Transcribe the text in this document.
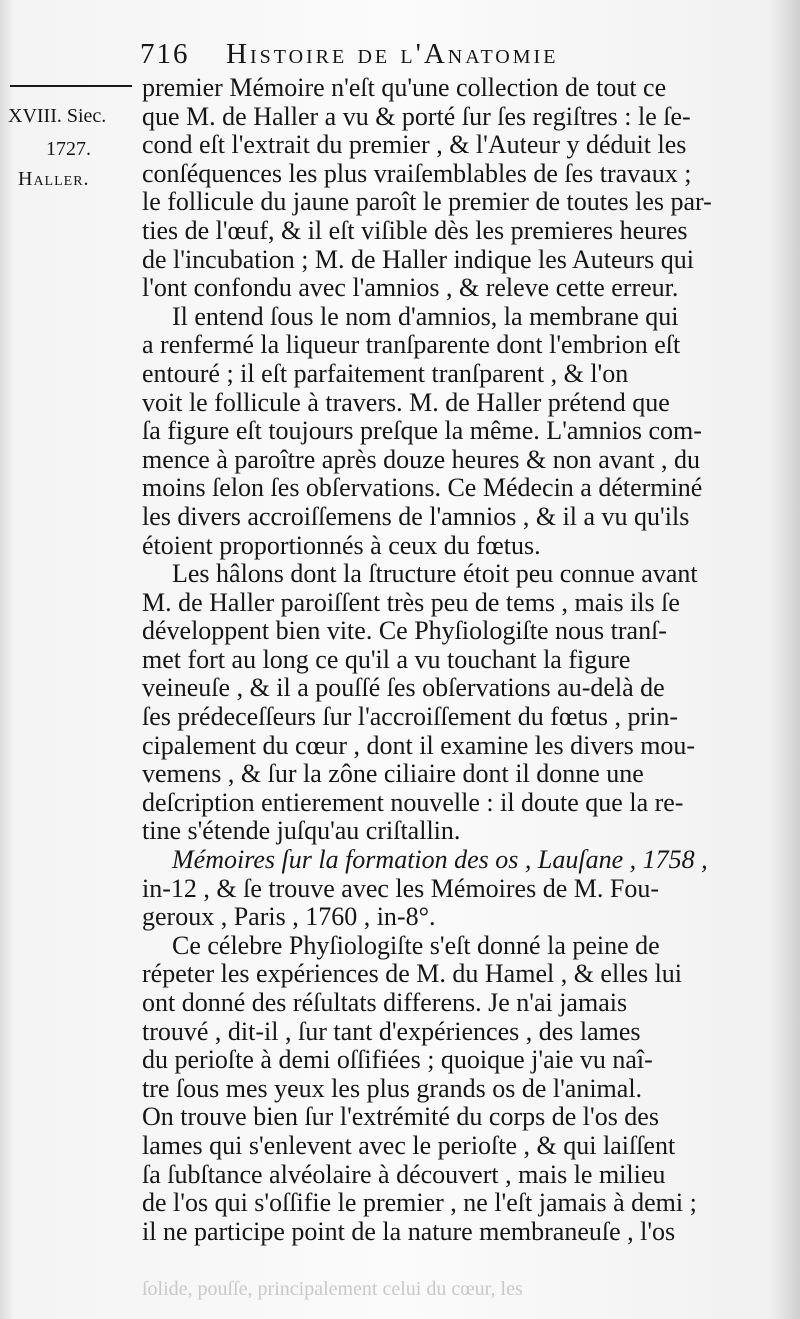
716 Histoire de l'Anatomie
XVIII. Siec.
1727.
Haller.
premier Mémoire n'eſt qu'une collection de tout ce
que M. de Haller a vu & porté ſur ſes regiſtres : le ſe-
cond eſt l'extrait du premier , & l'Auteur y déduit les
conſéquences les plus vraiſemblables de ſes travaux ;
le follicule du jaune paroît le premier de toutes les par-
ties de l'œuf, & il eſt viſible dès les premieres heures
de l'incubation ; M. de Haller indique les Auteurs qui
l'ont confondu avec l'amnios , & releve cette erreur.
Il entend ſous le nom d'amnios, la membrane qui
a renfermé la liqueur tranſparente dont l'embrion eſt
entouré ; il eſt parfaitement tranſparent , & l'on
voit le follicule à travers. M. de Haller prétend que
ſa figure eſt toujours preſque la même. L'amnios com-
mence à paroître après douze heures & non avant , du
moins ſelon ſes obſervations. Ce Médecin a déterminé
les divers accroiſſemens de l'amnios , & il a vu qu'ils
étoient proportionnés à ceux du fœtus.
Les hâlons dont la ſtructure étoit peu connue avant
M. de Haller paroiſſent très peu de tems , mais ils ſe
développent bien vite. Ce Phyſiologiſte nous tranſ-
met fort au long ce qu'il a vu touchant la figure
veineuſe , & il a pouſſé ſes obſervations au-delà de
ſes prédeceſſeurs ſur l'accroiſſement du fœtus , prin-
cipalement du cœur , dont il examine les divers mou-
vemens , & ſur la zône ciliaire dont il donne une
deſcription entierement nouvelle : il doute que la re-
tine s'étende juſqu'au criſtallin.
Mémoires ſur la formation des os , Lauſane , 1758 ,
in-12 , & ſe trouve avec les Mémoires de M. Fou-
geroux , Paris , 1760 , in-8°.
Ce célebre Phyſiologiſte s'eſt donné la peine de
répeter les expériences de M. du Hamel , & elles lui
ont donné des réſultats differens. Je n'ai jamais
trouvé , dit-il , ſur tant d'expériences , des lames
du perioſte à demi oſſifiées ; quoique j'aie vu naî-
tre ſous mes yeux les plus grands os de l'animal.
On trouve bien ſur l'extrémité du corps de l'os des
lames qui s'enlevent avec le perioſte , & qui laiſſent
ſa ſubſtance alvéolaire à découvert , mais le milieu
de l'os qui s'oſſifie le premier , ne l'eſt jamais à demi ;
il ne participe point de la nature membraneuſe , l'os
ſolide, pouſſe, principalement celui du cœur, les
